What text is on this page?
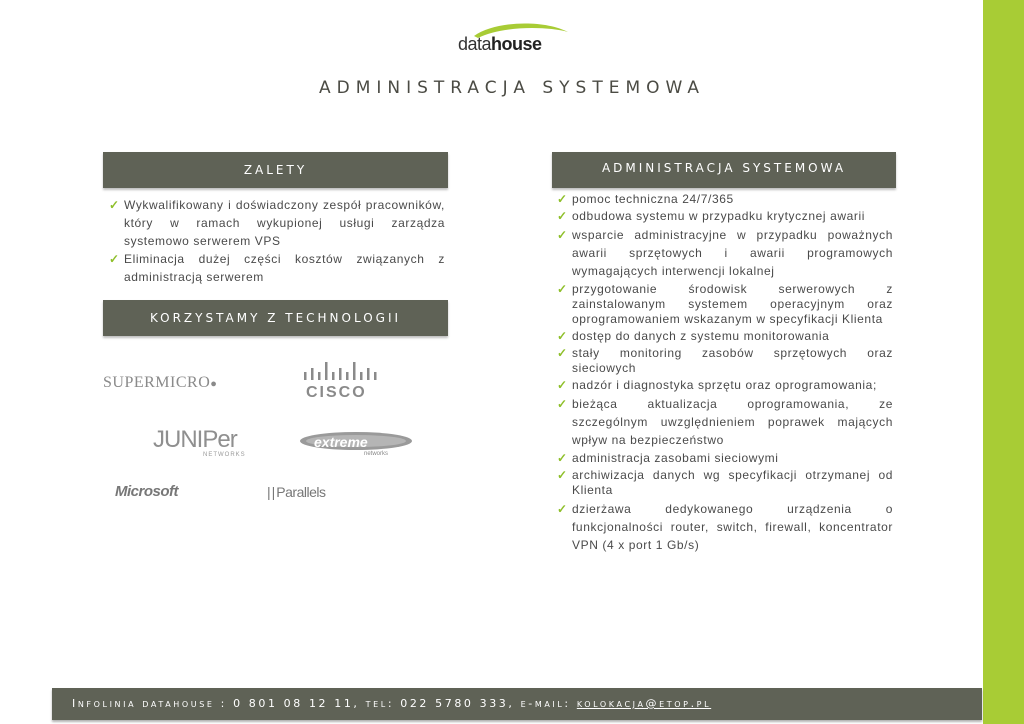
datahouse
ADMINISTRACJA SYSTEMOWA
ZALETY
✓ Wykwalifikowany i doświadczony zespół pracowników, który w ramach wykupionej usługi zarządza systemowo serwerem VPS
✓ Eliminacja dużej części kosztów związanych z administracją serwerem
KORZYSTAMY Z TECHNOLOGII
SUPERMICRO●	CISCO
JUNIPer
NETWORKS
extreme
networks
Microsoft	||Parallels
ADMINISTRACJA SYSTEMOWA
✓ pomoc techniczna 24/7/365
✓ odbudowa systemu w przypadku krytycznej awarii
✓ wsparcie administracyjne w przypadku poważnych awarii sprzętowych i awarii programowych wymagających interwencji lokalnej
✓ przygotowanie środowisk serwerowych z zainstalowanym systemem operacyjnym oraz oprogramowaniem wskazanym w specyfikacji Klienta
✓ dostęp do danych z systemu monitorowania
✓ stały monitoring zasobów sprzętowych oraz sieciowych
✓ nadzór i diagnostyka sprzętu oraz oprogramowania;
✓ bieżąca aktualizacja oprogramowania, ze szczególnym uwzględnieniem poprawek mających wpływ na bezpieczeństwo
✓ administracja zasobami sieciowymi
✓ archiwizacja danych wg specyfikacji otrzymanej od Klienta
✓ dzierżawa dedykowanego urządzenia o funkcjonalności router, switch, firewall, koncentrator VPN (4 x port 1 Gb/s)
Infolinia datahouse : 0 801 08 12 11, tel: 022 5780 333, e-mail: kolokacja@etop.pl
